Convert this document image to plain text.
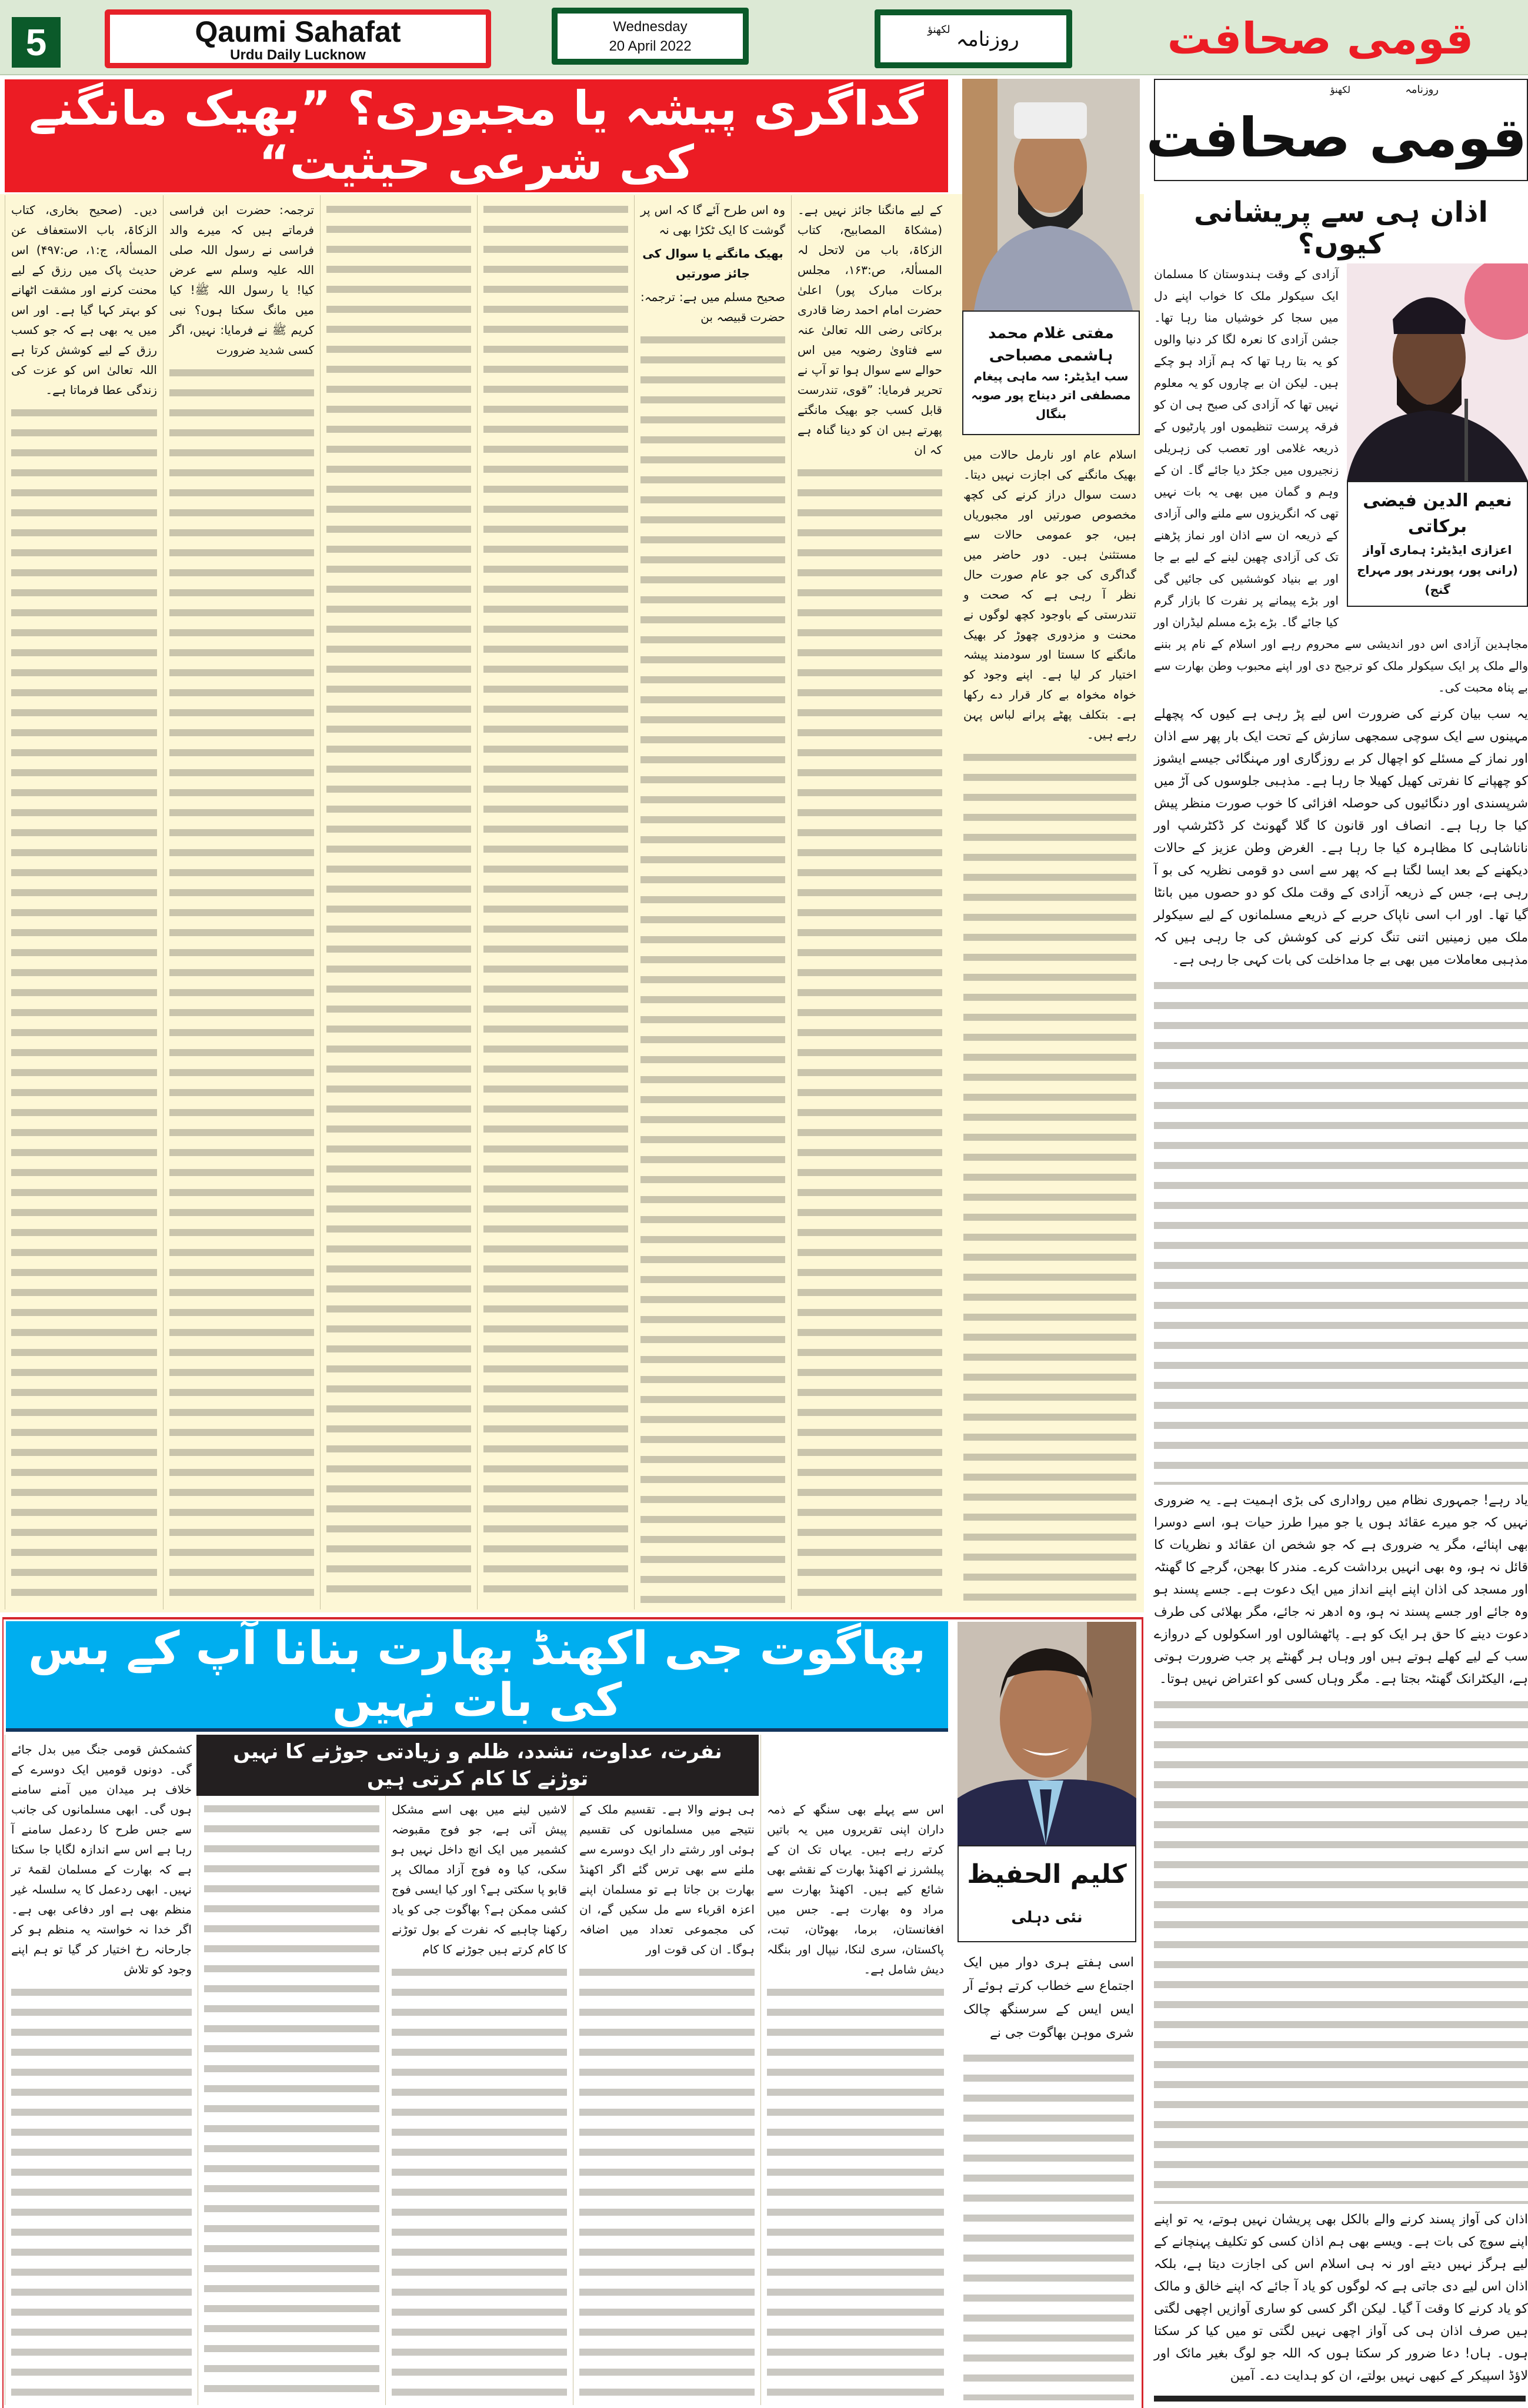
5	Qaumi Sahafat
Urdu Daily Lucknow
Wednesday
20 April 2022	روزنامہ
لکھنؤ	قومی صحافت
گداگری پیشہ یا مجبوری؟ ”بھیک مانگنے کی شرعی حیثیت“

کے لیے مانگنا جائز نہیں ہے۔ (مشکاۃ المصابیح، کتاب الزکاۃ، باب من لاتحل لہ المسألۃ، ص:۱۶۳، مجلس برکات مبارک پور) اعلیٰ حضرت امام احمد رضا قادری برکاتی رضی اللہ تعالیٰ عنہ سے فتاویٰ رضویہ میں اس حوالے سے سوال ہوا تو آپ نے تحریر فرمایا: ”قوی، تندرست قابل کسب جو بھیک مانگتے پھرتے ہیں ان کو دینا گناہ ہے کہ ان

وہ اس طرح آئے گا کہ اس پر گوشت کا ایک ٹکڑا بھی نہ

بھیک مانگنے یا سوال کی جائز صورتیں

صحیح مسلم میں ہے: ترجمہ: حضرت قبیصہ بن

ترجمہ: حضرت ابن فراسی فرماتے ہیں کہ میرے والد فراسی نے رسول اللہ صلی اللہ علیہ وسلم سے عرض کیا! یا رسول اللہ ﷺ! کیا میں مانگ سکتا ہوں؟ نبی کریم ﷺ نے فرمایا: نہیں، اگر کسی شدید ضرورت

دیں۔ (صحیح بخاری، کتاب الزکاۃ، باب الاستعفاف عن المسألۃ، ج:۱، ص:۴۹۷) اس حدیث پاک میں رزق کے لیے محنت کرنے اور مشقت اٹھانے کو بہتر کہا گیا ہے۔ اور اس میں یہ بھی ہے کہ جو کسب رزق کے لیے کوشش کرتا ہے اللہ تعالیٰ اس کو عزت کی زندگی عطا فرماتا ہے۔

مفتی غلام محمد ہاشمی مصباحی
سب ایڈیٹر: سہ ماہی پیغام
مصطفی اتر دیناج پور صوبہ بنگال

اسلام عام اور نارمل حالات میں بھیک مانگنے کی اجازت نہیں دیتا۔ دست سوال دراز کرنے کی کچھ مخصوص صورتیں اور مجبوریاں ہیں، جو عمومی حالات سے مستثنیٰ ہیں۔ دور حاضر میں گداگری کی جو عام صورت حال نظر آ رہی ہے کہ صحت و تندرستی کے باوجود کچھ لوگوں نے محنت و مزدوری چھوڑ کر بھیک مانگنے کا سستا اور سودمند پیشہ اختیار کر لیا ہے۔ اپنے وجود کو خواہ مخواہ بے کار قرار دے رکھا ہے۔ بتکلف پھٹے پرانے لباس پہن رہے ہیں۔

روزنامہ
لکھنؤ
قومی صحافت
اذان ہی سے پریشانی کیوں؟
نعیم الدین فیضی برکاتی
اعزازی ایڈیٹر: ہماری آواز
(رانی پور، پورندر پور مہراج گنج)
آزادی کے وقت ہندوستان کا مسلمان ایک سیکولر ملک کا خواب اپنے دل میں سجا کر خوشیاں منا رہا تھا۔ جشن آزادی کا نعرہ لگا کر دنیا والوں کو یہ بتا رہا تھا کہ ہم آزاد ہو چکے ہیں۔ لیکن ان بے چاروں کو یہ معلوم نہیں تھا کہ آزادی کی صبح ہی ان کو فرقہ پرست تنظیموں اور پارٹیوں کے ذریعہ غلامی اور تعصب کی زہریلی زنجیروں میں جکڑ دیا جائے گا۔ ان کے وہم و گمان میں بھی یہ بات نہیں تھی کہ انگریزوں سے ملنے والی آزادی کے ذریعہ ان سے اذان اور نماز پڑھنے تک کی آزادی چھین لینے کے لیے بے جا اور بے بنیاد کوششیں کی جائیں گی اور بڑے پیمانے پر نفرت کا بازار گرم کیا جائے گا۔ بڑے بڑے مسلم لیڈران اور مجاہدین آزادی اس دور اندیشی سے محروم رہے اور اسلام کے نام پر بننے والے ملک پر ایک سیکولر ملک کو ترجیح دی اور اپنے محبوب وطن بھارت سے بے پناہ محبت کی۔

یہ سب بیان کرنے کی ضرورت اس لیے پڑ رہی ہے کیوں کہ پچھلے مہینوں سے ایک سوچی سمجھی سازش کے تحت ایک بار پھر سے اذان اور نماز کے مسئلے کو اچھال کر بے روزگاری اور مہنگائی جیسے ایشوز کو چھپانے کا نفرتی کھیل کھیلا جا رہا ہے۔ مذہبی جلوسوں کی آڑ میں شرپسندی اور دنگائیوں کی حوصلہ افزائی کا خوب صورت منظر پیش کیا جا رہا ہے۔ انصاف اور قانون کا گلا گھونٹ کر ڈکٹرشپ اور ناناشاہی کا مظاہرہ کیا جا رہا ہے۔ الغرض وطن عزیز کے حالات دیکھنے کے بعد ایسا لگتا ہے کہ پھر سے اسی دو قومی نظریہ کی بو آ رہی ہے، جس کے ذریعہ آزادی کے وقت ملک کو دو حصوں میں بانٹا گیا تھا۔ اور اب اسی ناپاک حربے کے ذریعے مسلمانوں کے لیے سیکولر ملک میں زمینیں اتنی تنگ کرنے کی کوشش کی جا رہی ہیں کہ مذہبی معاملات میں بھی بے جا مداخلت کی بات کہی جا رہی ہے۔

یاد رہے! جمہوری نظام میں رواداری کی بڑی اہمیت ہے۔ یہ ضروری نہیں کہ جو میرے عقائد ہوں یا جو میرا طرز حیات ہو، اسے دوسرا بھی اپنائے، مگر یہ ضروری ہے کہ جو شخص ان عقائد و نظریات کا قائل نہ ہو، وہ بھی انہیں برداشت کرے۔ مندر کا بھجن، گرجے کا گھنٹہ اور مسجد کی اذان اپنے اپنے انداز میں ایک دعوت ہے۔ جسے پسند ہو وہ جائے اور جسے پسند نہ ہو، وہ ادھر نہ جائے، مگر بھلائی کی طرف دعوت دینے کا حق ہر ایک کو ہے۔ پاٹھشالوں اور اسکولوں کے دروازے سب کے لیے کھلے ہوتے ہیں اور وہاں ہر گھنٹے پر جب ضرورت ہوتی ہے، الیکٹرانک گھنٹہ بجتا ہے۔ مگر وہاں کسی کو اعتراض نہیں ہوتا۔

اذان کی آواز پسند کرنے والے بالکل بھی پریشان نہیں ہوتے، یہ تو اپنے اپنے سوچ کی بات ہے۔ ویسے بھی ہم اذان کسی کو تکلیف پہنچانے کے لیے ہرگز نہیں دیتے اور نہ ہی اسلام اس کی اجازت دیتا ہے، بلکہ اذان اس لیے دی جاتی ہے کہ لوگوں کو یاد آ جائے کہ اپنے خالق و مالک کو یاد کرنے کا وقت آ گیا۔ لیکن اگر کسی کو ساری آوازیں اچھی لگتی ہیں صرف اذان ہی کی آواز اچھی نہیں لگتی تو میں کیا کر سکتا ہوں۔ ہاں! دعا ضرور کر سکتا ہوں کہ اللہ جو لوگ بغیر مائک اور لاؤڈ اسپیکر کے کبھی نہیں بولتے، ان کو ہدایت دے۔ آمین

بھاگوت جی اکھنڈ بھارت بنانا آپ کے بس کی بات نہیں
کلیم الحفیظ
نئی دہلی

اسی ہفتے ہری دوار میں ایک اجتماع سے خطاب کرتے ہوئے آر ایس ایس کے سرسنگھ چالک شری موہن بھاگوت جی نے

اس سے پہلے بھی سنگھ کے ذمہ داران اپنی تقریروں میں یہ باتیں کرتے رہے ہیں۔ یہاں تک ان کے پبلشرز نے اکھنڈ بھارت کے نقشے بھی شائع کیے ہیں۔ اکھنڈ بھارت سے مراد وہ بھارت ہے۔ جس میں افغانستان، برما، بھوٹان، تبت، پاکستان، سری لنکا، نیپال اور بنگلہ دیش شامل ہے۔

ہی ہونے والا ہے۔ تقسیم ملک کے نتیجے میں مسلمانوں کی تقسیم ہوئی اور رشتے دار ایک دوسرے سے ملنے سے بھی ترس گئے اگر اکھنڈ بھارت بن جاتا ہے تو مسلمان اپنے اعزہ اقرباء سے مل سکیں گے، ان کی مجموعی تعداد میں اضافہ ہوگا۔ ان کی قوت اور

لاشیں لینے میں بھی اسے مشکل پیش آتی ہے، جو فوج مقبوضہ کشمیر میں ایک انچ داخل نہیں ہو سکی، کیا وہ فوج آزاد ممالک پر قابو پا سکتی ہے؟ اور کیا ایسی فوج کشی ممکن ہے؟ بھاگوت جی کو یاد رکھنا چاہیے کہ نفرت کے بول توڑنے کا کام کرتے ہیں جوڑنے کا کام

کشمکش قومی جنگ میں بدل جائے گی۔ دونوں قومیں ایک دوسرے کے خلاف ہر میدان میں آمنے سامنے ہوں گی۔ ابھی مسلمانوں کی جانب سے جس طرح کا ردعمل سامنے آ رہا ہے اس سے اندازہ لگایا جا سکتا ہے کہ بھارت کے مسلمان لقمۂ تر نہیں۔ ابھی ردعمل کا یہ سلسلہ غیر منظم بھی ہے اور دفاعی بھی ہے۔ اگر خدا نہ خواستہ یہ منظم ہو کر جارحانہ رخ اختیار کر گیا تو ہم اپنے وجود کو تلاش

نفرت، عداوت، تشدد، ظلم و زیادتی جوڑنے کا نہیں توڑنے کا کام کرتی ہیں
